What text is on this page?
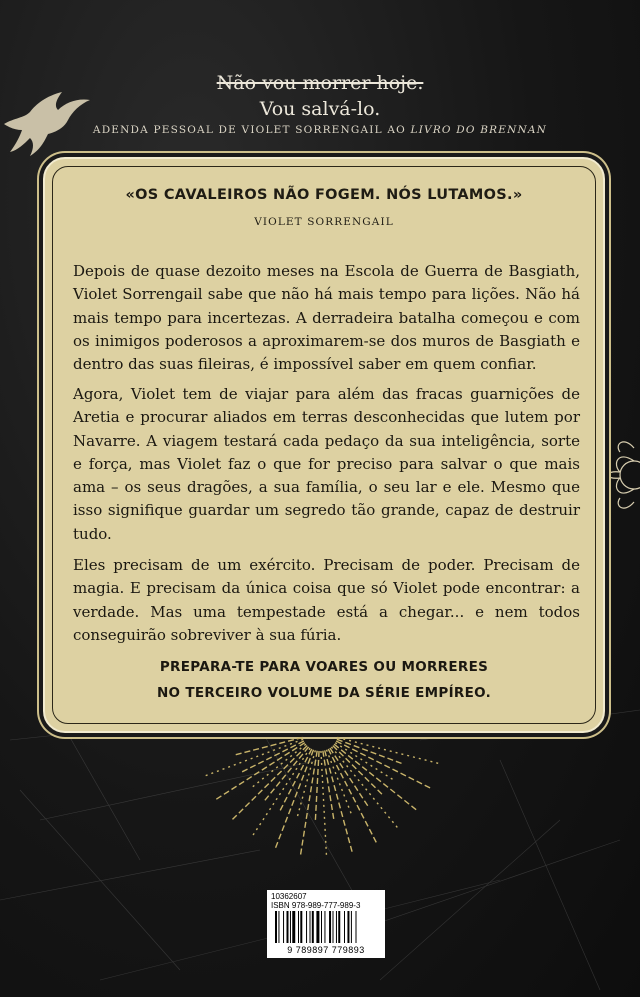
Não vou morrer hoje.
Vou salvá-lo.
ADENDA PESSOAL DE VIOLET SORRENGAIL AO LIVRO DO BRENNAN
«OS CAVALEIROS NÃO FOGEM. NÓS LUTAMOS.»
VIOLET SORRENGAIL

Depois de quase dezoito meses na Escola de Guerra de Basgiath, Violet Sorrengail sabe que não há mais tempo para lições. Não há mais tempo para incertezas. A derradeira batalha começou e com os inimigos poderosos a aproximarem-se dos muros de Basgiath e dentro das suas fileiras, é impossível saber em quem confiar.

Agora, Violet tem de viajar para além das fracas guarnições de Aretia e procurar aliados em terras desconhecidas que lutem por Navarre. A viagem testará cada pedaço da sua inteligência, sorte e força, mas Violet faz o que for preciso para salvar o que mais ama – os seus dragões, a sua família, o seu lar e ele. Mesmo que isso signifique guardar um segredo tão grande, capaz de destruir tudo.

Eles precisam de um exército. Precisam de poder. Precisam de magia. E precisam da única coisa que só Violet pode encontrar: a verdade. Mas uma tempestade está a chegar... e nem todos conseguirão sobreviver à sua fúria.

PREPARA-TE PARA VOARES OU MORRERES
NO TERCEIRO VOLUME DA SÉRIE EMPÍREO.
10362607
ISBN 978-989-777-989-3
9 789897 779893
